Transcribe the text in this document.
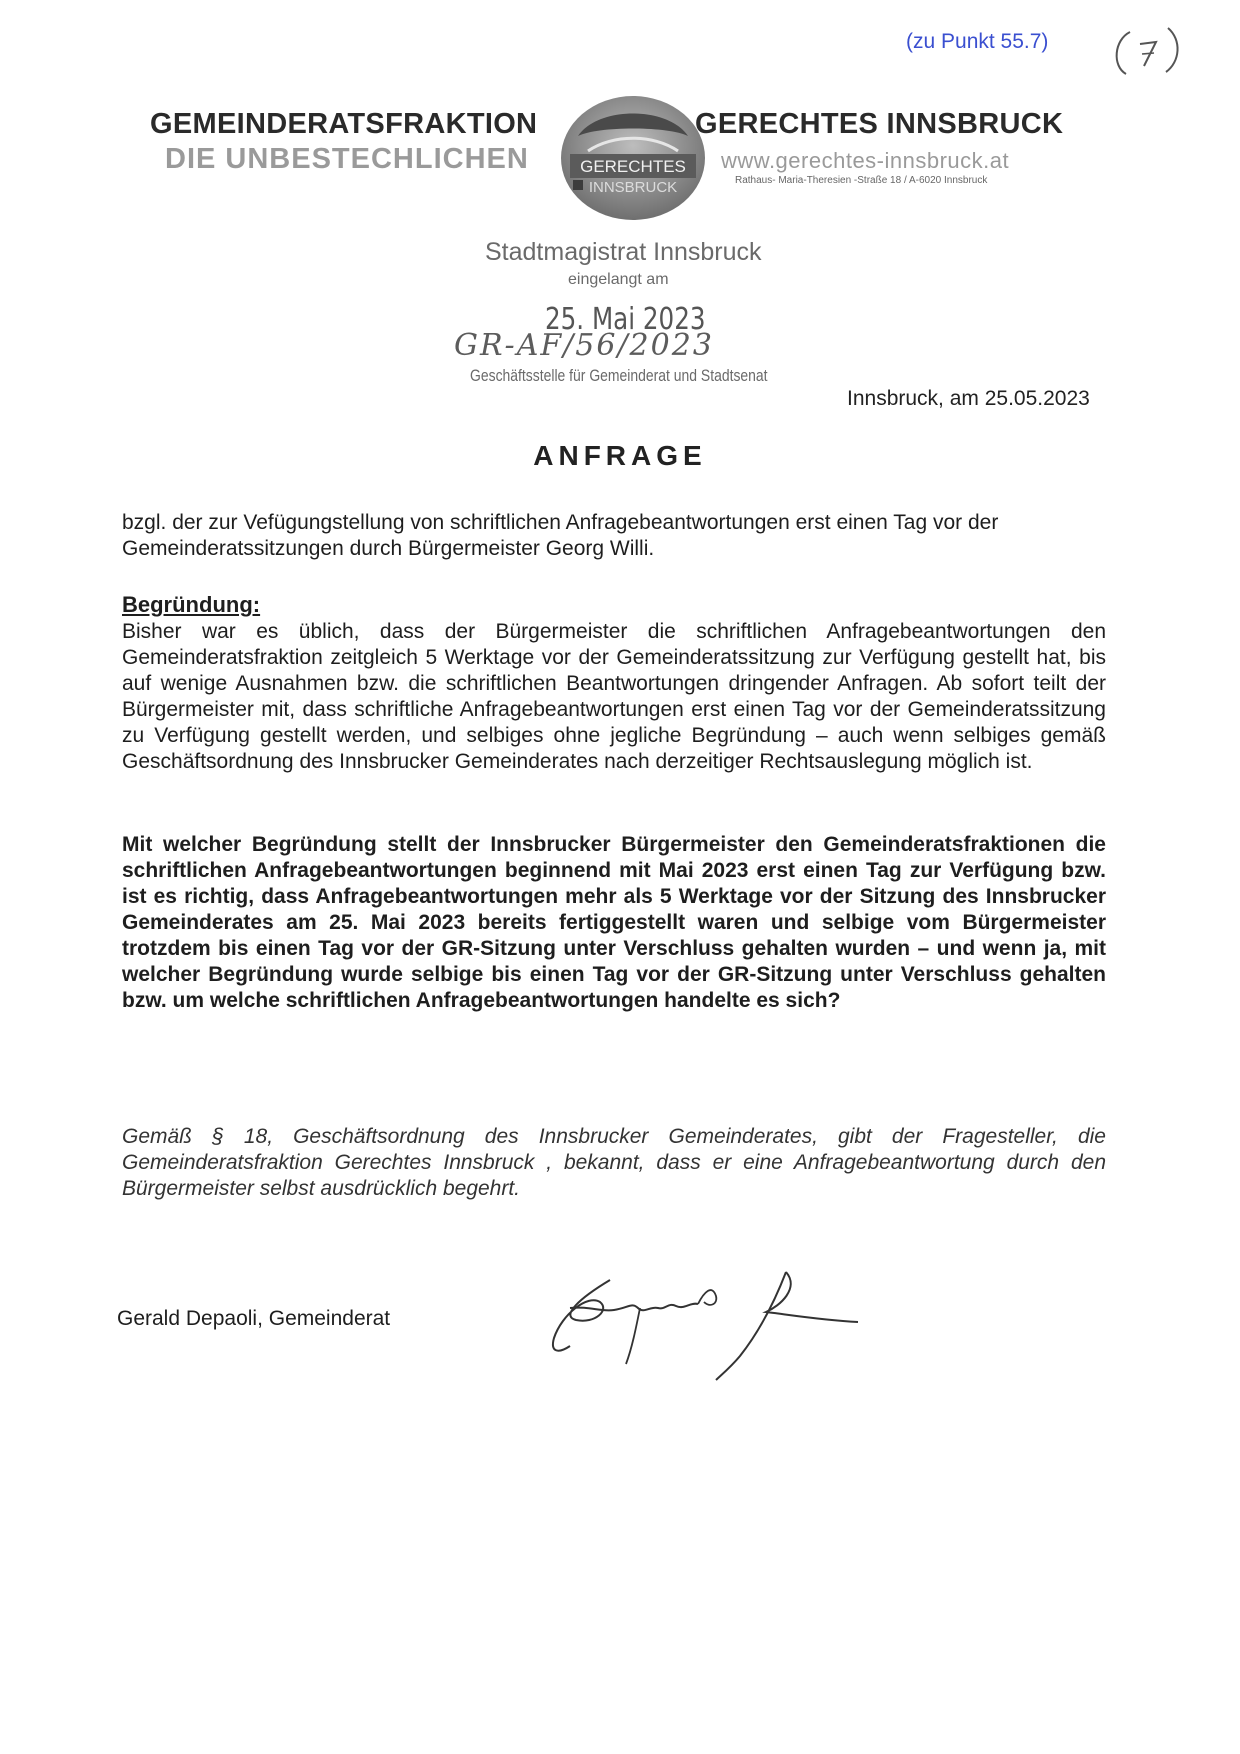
(zu Punkt 55.7)
GEMEINDERATSFRAKTION
DIE UNBESTECHLICHEN
GERECHTES INNSBRUCK
www.gerechtes-innsbruck.at
Rathaus- Maria-Theresien -Straße 18 / A-6020 Innsbruck
GERECHTES
INNSBRUCK
Stadtmagistrat Innsbruck
eingelangt am
25. Mai 2023
GR-AF/56/2023
Geschäftsstelle für Gemeinderat und Stadtsenat
Innsbruck, am 25.05.2023
ANFRAGE
bzgl. der zur Vefügungstellung von schriftlichen Anfragebeantwortungen erst einen Tag vor der Gemeinderatssitzungen durch Bürgermeister Georg Willi.
Begründung:
Bisher war es üblich, dass der Bürgermeister die schriftlichen Anfragebeantwortungen den Gemeinderatsfraktion zeitgleich 5 Werktage vor der Gemeinderatssitzung zur Verfügung gestellt hat, bis auf wenige Ausnahmen bzw. die schriftlichen Beantwortungen dringender Anfragen. Ab sofort teilt der Bürgermeister mit, dass schriftliche Anfragebeantwortungen erst einen Tag vor der Gemeinderatssitzung zu Verfügung gestellt werden, und selbiges ohne jegliche Begründung – auch wenn selbiges gemäß Geschäftsordnung des Innsbrucker Gemeinderates nach derzeitiger Rechtsauslegung möglich ist.
Mit welcher Begründung stellt der Innsbrucker Bürgermeister den Gemeinderatsfraktionen die schriftlichen Anfragebeantwortungen beginnend mit Mai 2023 erst einen Tag zur Verfügung bzw. ist es richtig, dass Anfragebeantwortungen mehr als 5 Werktage vor der Sitzung des Innsbrucker Gemeinderates am 25. Mai 2023 bereits fertiggestellt waren und selbige vom Bürgermeister trotzdem bis einen Tag vor der GR-Sitzung unter Verschluss gehalten wurden – und wenn ja, mit welcher Begründung wurde selbige bis einen Tag vor der GR-Sitzung unter Verschluss gehalten bzw. um welche schriftlichen Anfragebeantwortungen handelte es sich?
Gemäß § 18, Geschäftsordnung des Innsbrucker Gemeinderates, gibt der Fragesteller, die Gemeinderatsfraktion Gerechtes Innsbruck , bekannt, dass er eine Anfragebeantwortung durch den Bürgermeister selbst ausdrücklich begehrt.
Gerald Depaoli, Gemeinderat
